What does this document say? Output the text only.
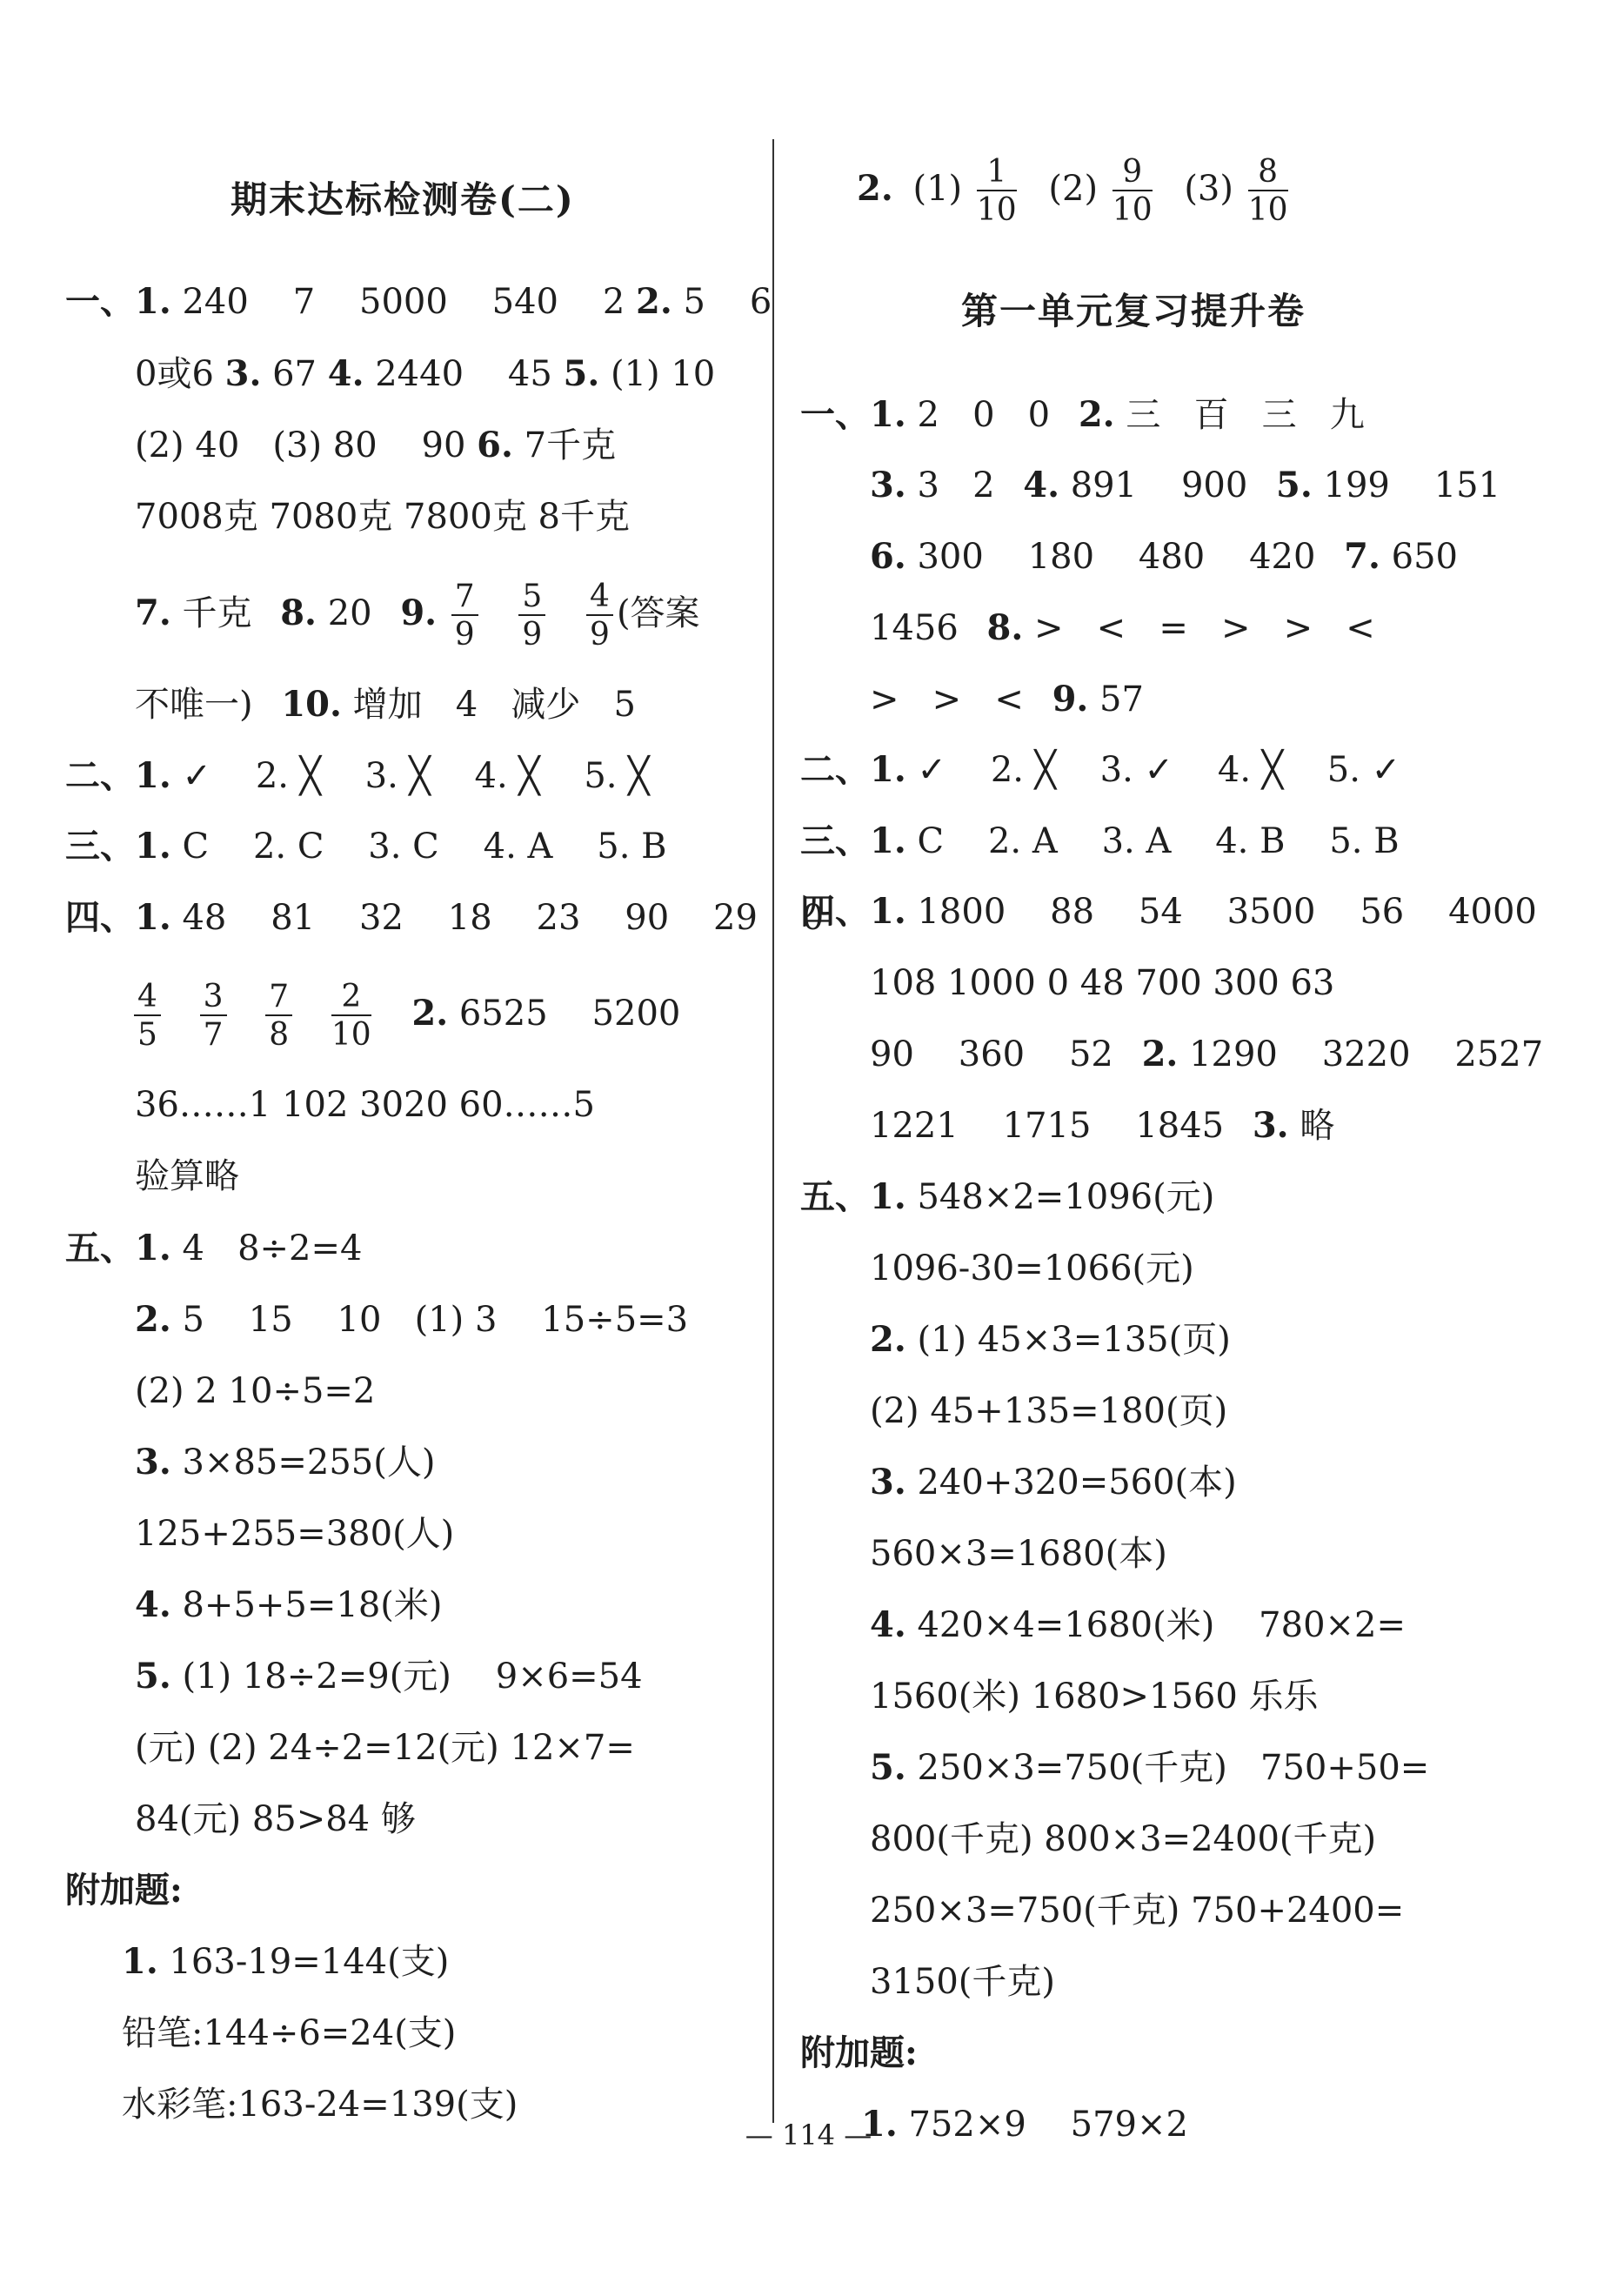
期末达标检测卷(二)
一、1. 240    7    5000    540    2 2. 5    6
0或6 3. 67 4. 2440    45 5. (1) 10
(2) 40   (3) 80    90 6. 7千克
7008克 7080克 7800克 8千克
7. 千克 8. 20 9. $\frac{7}{9}$
$\frac{5}{9}$
$\frac{4}{9}$ (答案
不唯一) 10. 增加   4   减少   5
二、1. ✓    2. ╳    3. ╳    4. ╳    5. ╳
三、1. C    2. C    3. C    4. A    5. B
四、1. 48    81    32    18    23    90    29    0
$\frac{4}{5}$
$\frac{3}{7}$
$\frac{7}{8}$
$\frac{2}{10} 2$. 6525    5200
36……1 102 3020 60……5
验算略
五、1. 4   8÷2=4
2. 5    15    10   (1) 3    15÷5=3
(2) 2 10÷5=2
3. 3×85=255(人)
125+255=380(人)
4. 8+5+5=18(米)
5. (1) 18÷2=9(元)    9×6=54
(元) (2) 24÷2=12(元) 12×7=
84(元) 85>84 够
附加题:
1. 163-19=144(支)
铅笔:144÷6=24(支)
水彩笔:163-24=139(支)
2. $(1) \frac{1}{10} (2) \frac{9}{10} (3) \frac{8}{10}$
第一单元复习提升卷
一、1. 2   0   0 2. 三   百   三   九
3. 3   2 4. 891    900 5. 199    151
6. 300    180    480    420 7. 650
1456 8. >   <   =   >   >   <
>   >   < 9. 57
二、1. ✓    2. ╳    3. ✓    4. ╳    5. ✓
三、1. C    2. A    3. A    4. B    5. B
四、1. 1800    88    54    3500    56    4000
108 1000 0 48 700 300 63
90    360    52 2. 1290    3220    2527
1221    1715    1845 3. 略
五、1. 548×2=1096(元)
1096-30=1066(元)
2. (1) 45×3=135(页)
(2) 45+135=180(页)
3. 240+320=560(本)
560×3=1680(本)
4. 420×4=1680(米)    780×2=
1560(米) 1680>1560 乐乐
5. 250×3=750(千克)   750+50=
800(千克) 800×3=2400(千克)
250×3=750(千克) 750+2400=
3150(千克)
附加题:
1. 752×9    579×2
— 114 —
